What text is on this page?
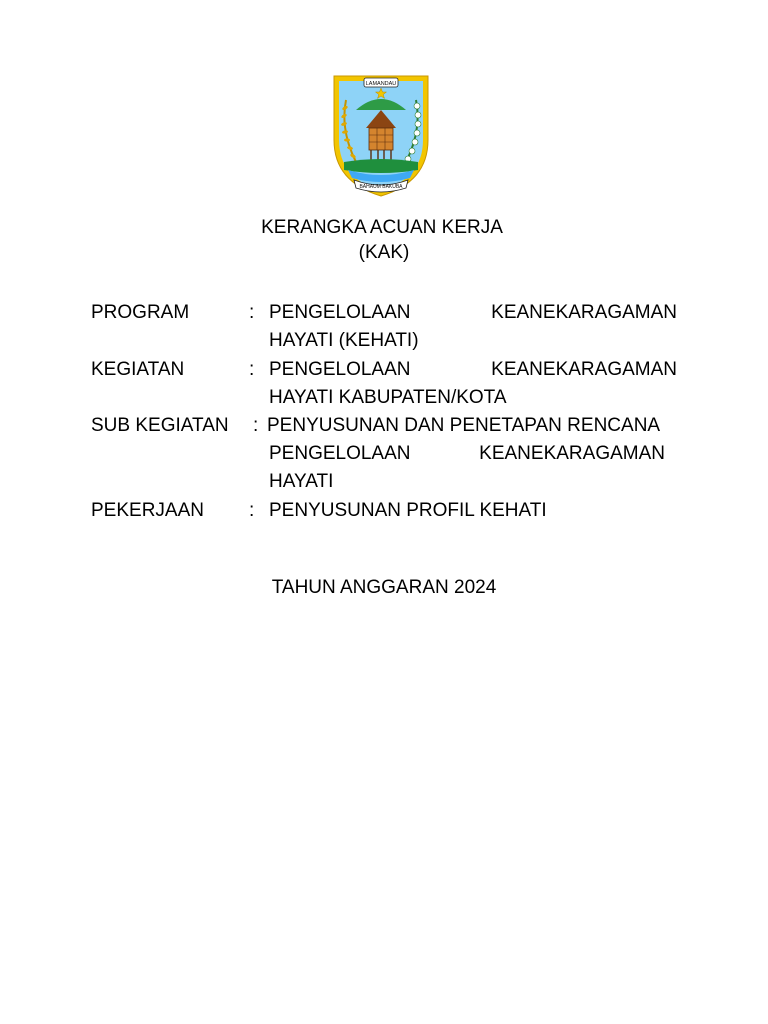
LAMANDAU
BAHAUM BAKUBA
KERANGKA ACUAN KERJA
(KAK)
PROGRAM	: PENGELOLAAN KEANEKARAGAMAN
HAYATI (KEHATI)
KEGIATAN	: PENGELOLAAN KEANEKARAGAMAN
HAYATI KABUPATEN/KOTA
SUB KEGIATAN : PENYUSUNAN DAN PENETAPAN RENCANA
PENGELOLAAN KEANEKARAGAMAN
HAYATI
PEKERJAAN : PENYUSUNAN PROFIL KEHATI
TAHUN ANGGARAN 2024
